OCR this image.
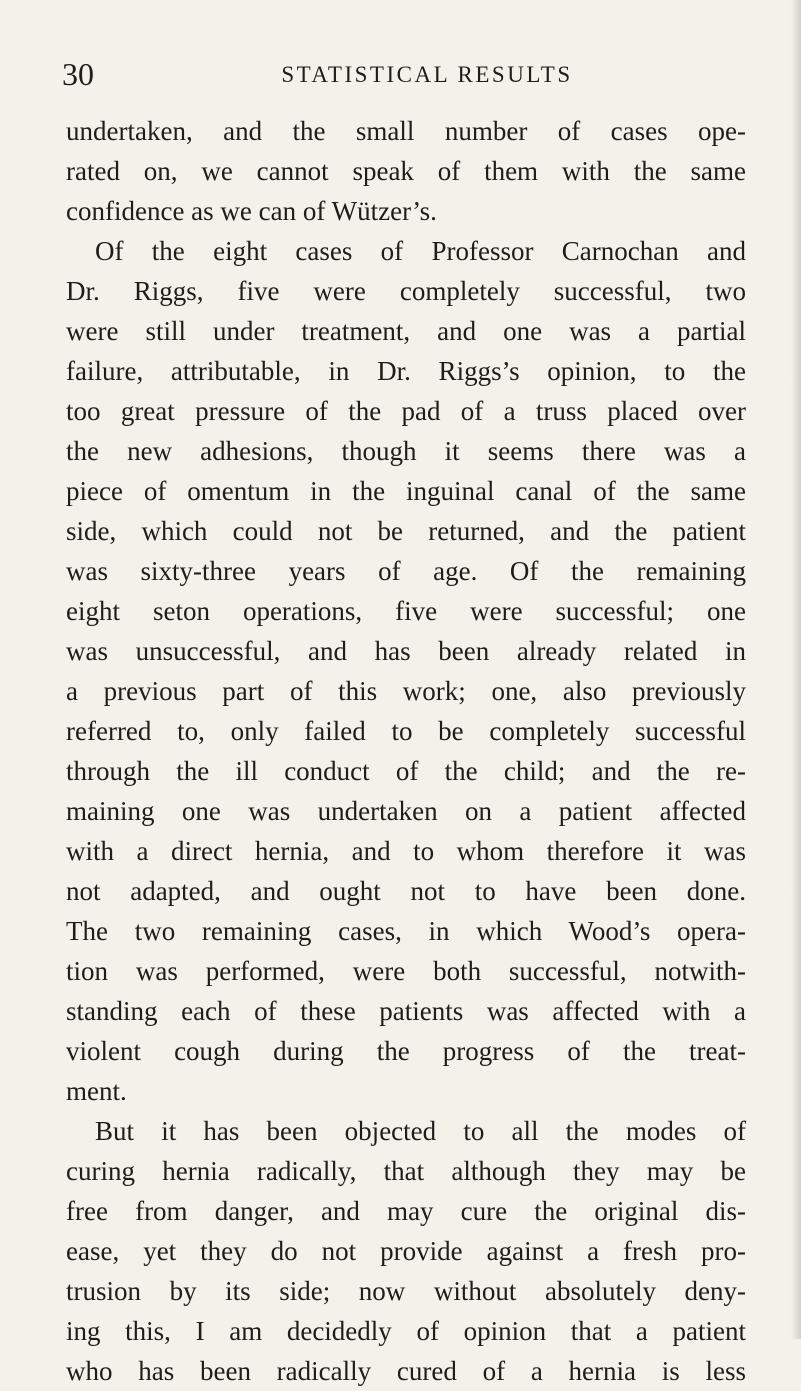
30	STATISTICAL RESULTS
undertaken, and the small number of cases ope-
rated on, we cannot speak of them with the same
confidence as we can of Wützer’s.
Of the eight cases of Professor Carnochan and
Dr. Riggs, five were completely successful, two
were still under treatment, and one was a partial
failure, attributable, in Dr. Riggs’s opinion, to the
too great pressure of the pad of a truss placed over
the new adhesions, though it seems there was a
piece of omentum in the inguinal canal of the same
side, which could not be returned, and the patient
was sixty-three years of age. Of the remaining
eight seton operations, five were successful; one
was unsuccessful, and has been already related in
a previous part of this work; one, also previously
referred to, only failed to be completely successful
through the ill conduct of the child; and the re-
maining one was undertaken on a patient affected
with a direct hernia, and to whom therefore it was
not adapted, and ought not to have been done.
The two remaining cases, in which Wood’s opera-
tion was performed, were both successful, notwith-
standing each of these patients was affected with a
violent cough during the progress of the treat-
ment.
But it has been objected to all the modes of
curing hernia radically, that although they may be
free from danger, and may cure the original dis-
ease, yet they do not provide against a fresh pro-
trusion by its side; now without absolutely deny-
ing this, I am decidedly of opinion that a patient
who has been radically cured of a hernia is less
